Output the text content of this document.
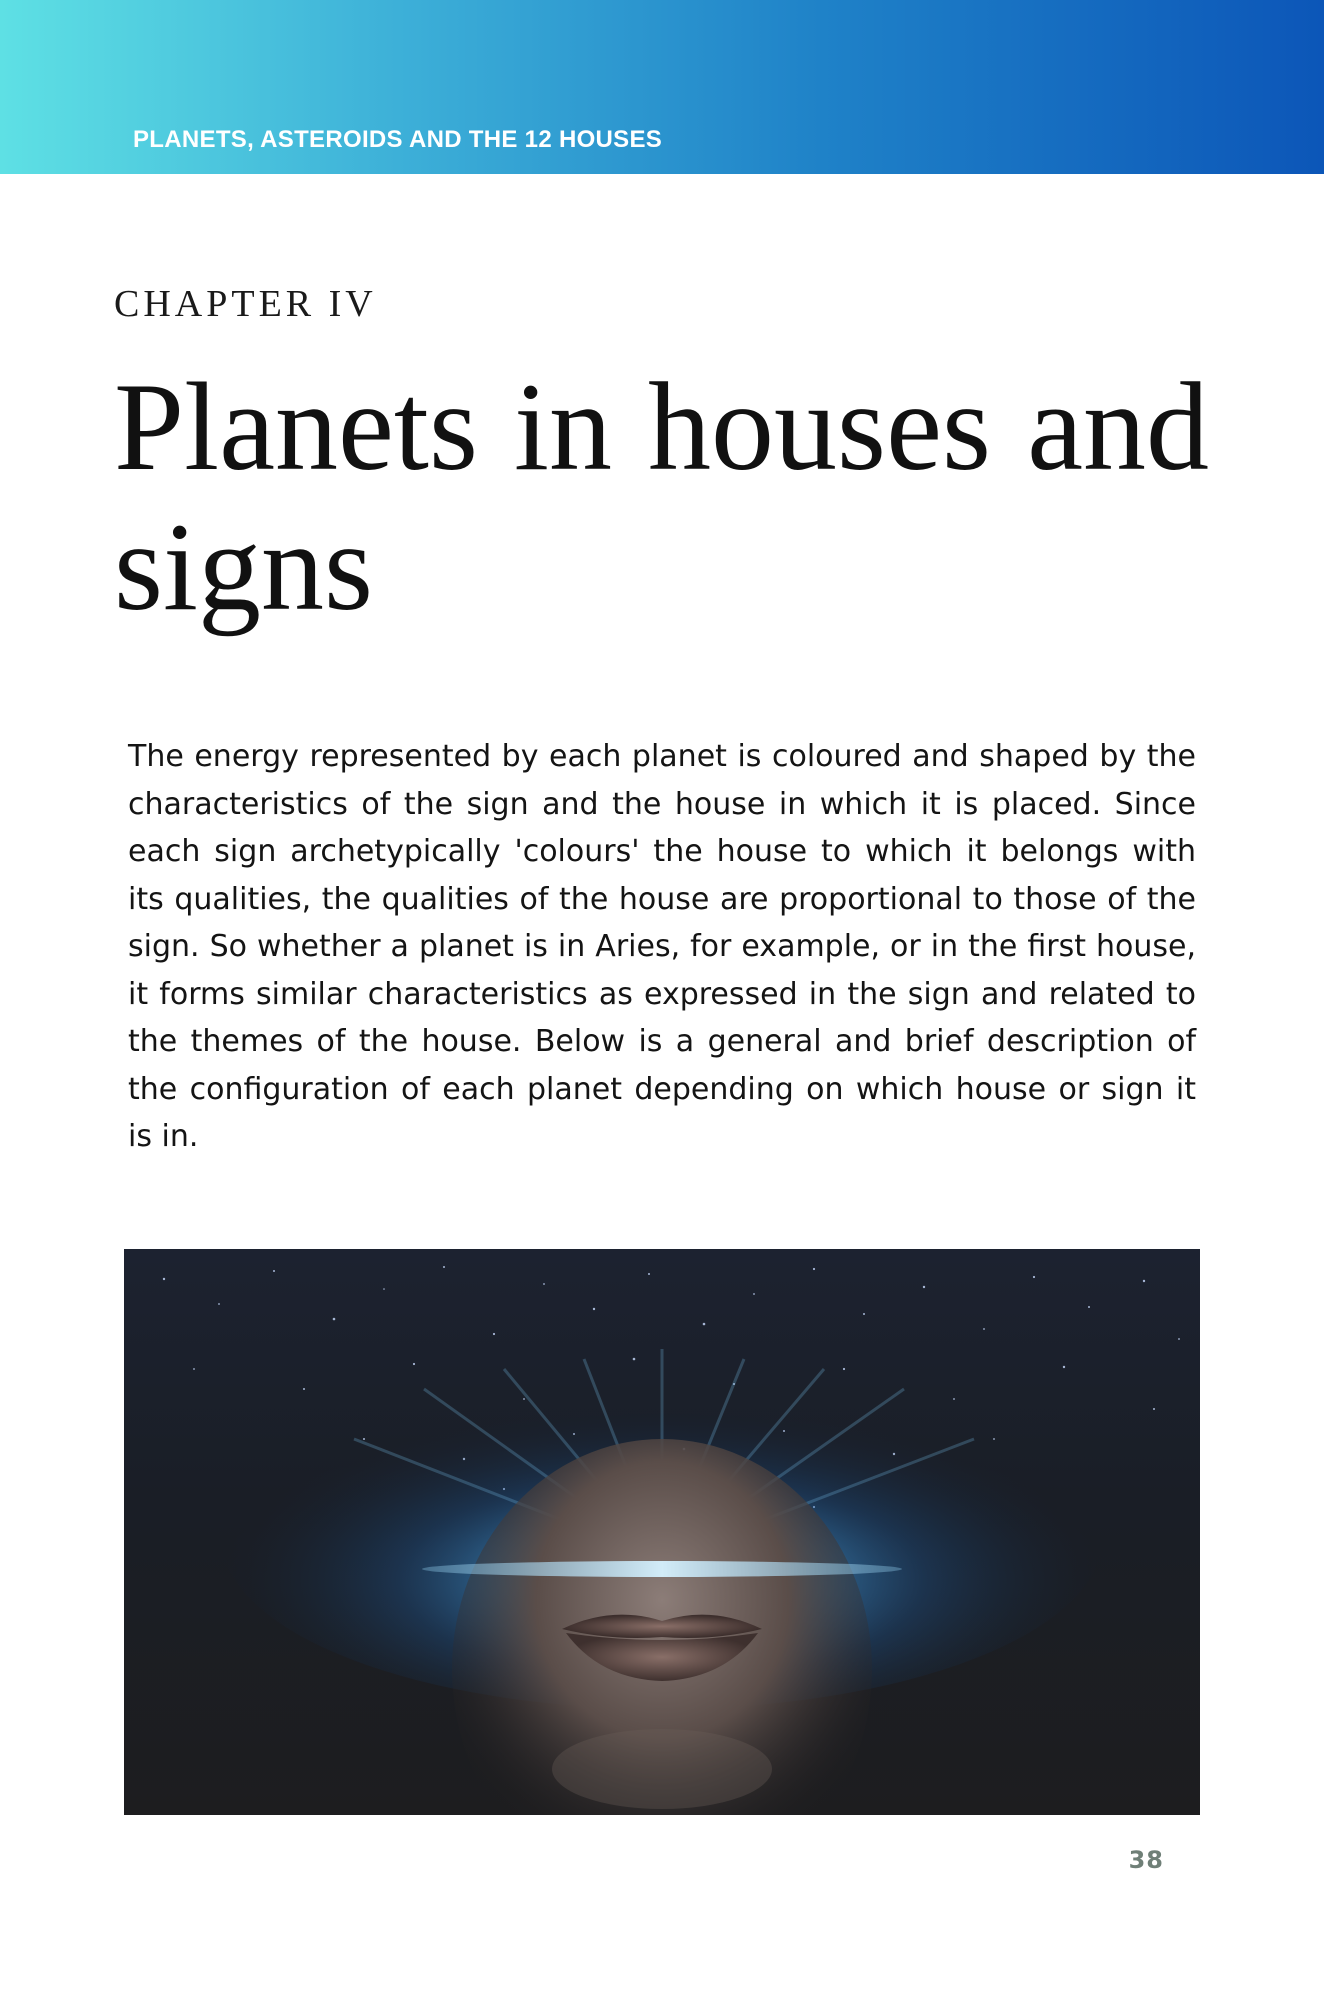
PLANETS, ASTEROIDS AND THE 12 HOUSES
CHAPTER IV
Planets in houses and signs

The energy represented by each planet is coloured and shaped by the characteristics of the sign and the house in which it is placed. Since each sign archetypically 'colours' the house to which it belongs with its qualities, the qualities of the house are proportional to those of the sign. So whether a planet is in Aries, for example, or in the first house, it forms similar characteristics as expressed in the sign and related to the themes of the house. Below is a general and brief description of the configuration of each planet depending on which house or sign it is in.

38
